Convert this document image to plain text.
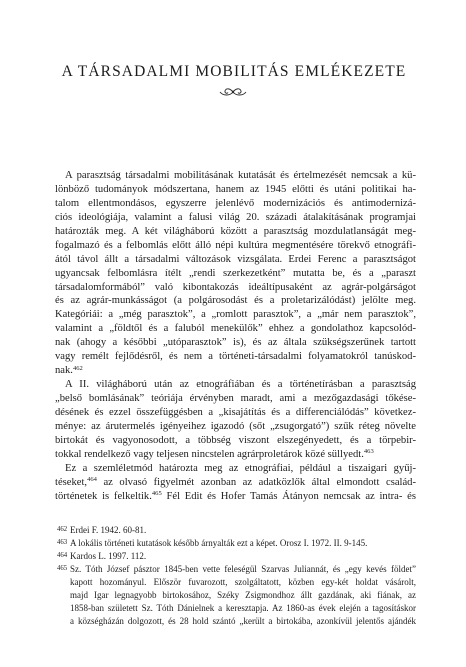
A TÁRSADALMI MOBILITÁS EMLÉKEZETE
A parasztság társadalmi mobilitásának kutatását és értelmezését nemcsak a kü-
lönböző tudományok módszertana, hanem az 1945 előtti és utáni politikai ha-
talom ellentmondásos, egyszerre jelenlévő modernizációs és antimodernizá-
ciós ideológiája, valamint a falusi világ 20. századi átalakításának programjai
határozták meg. A két világháború között a parasztság mozdulatlanságát meg-
fogalmazó és a felbomlás előtt álló népi kultúra megmentésére törekvő etnográfi-
ától távol állt a társadalmi változások vizsgálata. Erdei Ferenc a parasztságot
ugyancsak felbomlásra ítélt „rendi szerkezetként” mutatta be, és a „paraszt
társadalomformából” való kibontakozás ideáltípusaként az agrár-polgárságot
és az agrár-munkásságot (a polgárosodást és a proletarizálódást) jelölte meg.
Kategóriái: a „még parasztok”, a „romlott parasztok”, a „már nem parasztok”,
valamint a „földtől és a faluból menekülők” ehhez a gondolathoz kapcsolód-
nak (ahogy a későbbi „utóparasztok” is), és az általa szükségszerűnek tartott
vagy remélt fejlődésről, és nem a történeti-társadalmi folyamatokról tanúskod-
nak.$^{462}$
A II. világháború után az etnográfiában és a történetírásban a parasztság
„belső bomlásának” teóriája érvényben maradt, ami a mezőgazdasági tőkése-
désének és ezzel összefüggésben a „kisajátítás és a differenciálódás” következ-
ménye: az árutermelés igényeihez igazodó (sőt „zsugorgató”) szűk réteg növelte
birtokát és vagyonosodott, a többség viszont elszegényedett, és a törpebir-
tokkal rendelkező vagy teljesen nincstelen agrárproletárok közé süllyedt.$^{463}$
Ez a szemléletmód határozta meg az etnográfiai, például a tiszaigari gyűj-
téseket,$^{464}$ az olvasó figyelmét azonban az adatközlők által elmondott család-
történetek is felkeltik.$^{465}$ Fél Edit és Hofer Tamás Átányon nemcsak az intra- és
462 Erdei F. 1942. 60-81.
463 A lokális történeti kutatások később árnyalták ezt a képet. Orosz I. 1972. II. 9-145.
464 Kardos L. 1997. 112.
465 Sz. Tóth József pásztor 1845-ben vette feleségül Szarvas Juliannát, és „egy kevés földet”
kapott hozományul. Először fuvarozott, szolgáltatott, közben egy-két holdat vásárolt,
majd Igar legnagyobb birtokosához, Széky Zsigmondhoz állt gazdának, aki fiának, az
1858-ban született Sz. Tóth Dánielnek a keresztapja. Az 1860-as évek elején a tagosításkor
a községházán dolgozott, és 28 hold szántó „került a birtokába, azonkívül jelentős ajándék
